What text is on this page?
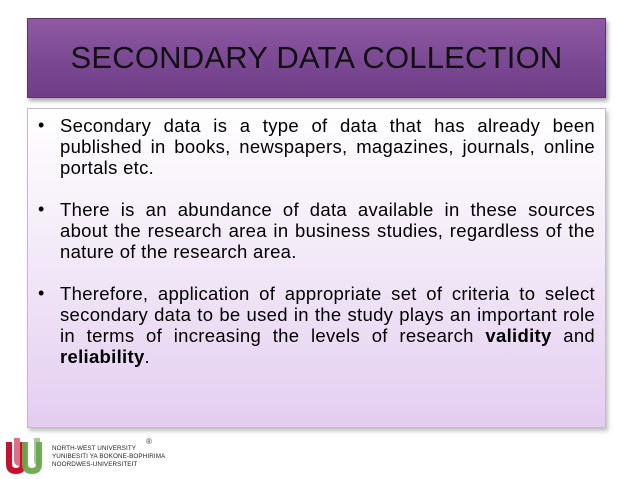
SECONDARY DATA COLLECTION
• Secondary data is a type of data that has already been published in books, newspapers, magazines, journals, online portals etc.
• There is an abundance of data available in these sources about the research area in business studies, regardless of the nature of the research area.
• Therefore, application of appropriate set of criteria to select secondary data to be used in the study plays an important role in terms of increasing the levels of research validity and reliability.
NORTH-WEST UNIVERSITY
YUNIBESITI YA BOKONE-BOPHIRIMA
NOORDWES-UNIVERSITEIT
®
